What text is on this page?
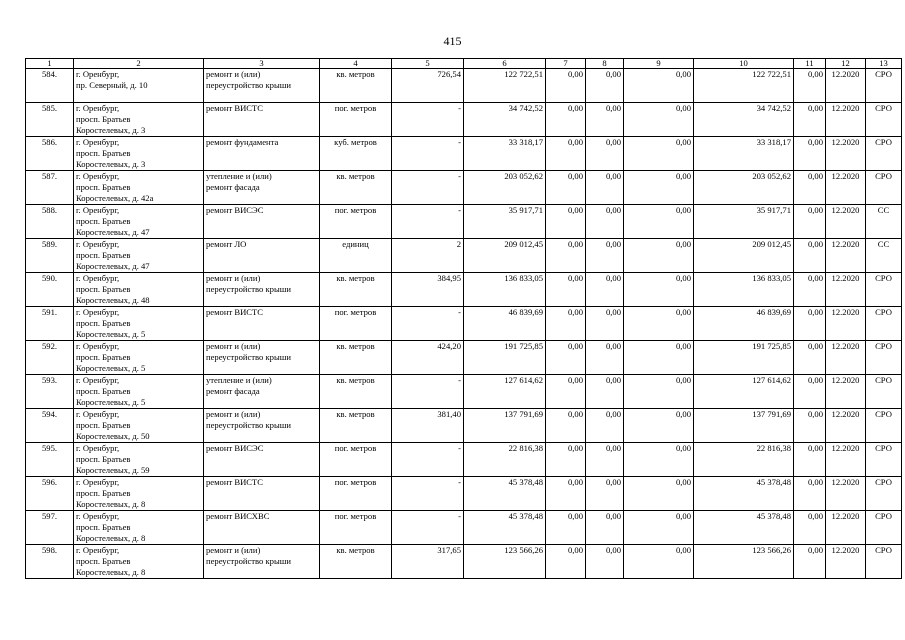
415
1	2	3	4	5	6	7	8	9	10	11	12	13
584.	г. Оренбург,
пр. Северный, д. 10	ремонт и (или)
переустройство крыши	кв. метров	726,54	122 722,51	0,00	0,00	0,00	122 722,51	0,00	12.2020	СРО
585.	г. Оренбург,
просп. Братьев
Коростелевых, д. 3	ремонт ВИСТС	пог. метров	-	34 742,52	0,00	0,00	0,00	34 742,52	0,00	12.2020	СРО
586.	г. Оренбург,
просп. Братьев
Коростелевых, д. 3	ремонт фундамента	куб. метров	-	33 318,17	0,00	0,00	0,00	33 318,17	0,00	12.2020	СРО
587.	г. Оренбург,
просп. Братьев
Коростелевых, д. 42а	утепление и (или)
ремонт фасада	кв. метров	-	203 052,62	0,00	0,00	0,00	203 052,62	0,00	12.2020	СРО
588.	г. Оренбург,
просп. Братьев
Коростелевых, д. 47	ремонт ВИСЭС	пог. метров	-	35 917,71	0,00	0,00	0,00	35 917,71	0,00	12.2020	СС
589.	г. Оренбург,
просп. Братьев
Коростелевых, д. 47	ремонт ЛО	единиц	2	209 012,45	0,00	0,00	0,00	209 012,45	0,00	12.2020	СС
590.	г. Оренбург,
просп. Братьев
Коростелевых, д. 48	ремонт и (или)
переустройство крыши	кв. метров	384,95	136 833,05	0,00	0,00	0,00	136 833,05	0,00	12.2020	СРО
591.	г. Оренбург,
просп. Братьев
Коростелевых, д. 5	ремонт ВИСТС	пог. метров	-	46 839,69	0,00	0,00	0,00	46 839,69	0,00	12.2020	СРО
592.	г. Оренбург,
просп. Братьев
Коростелевых, д. 5	ремонт и (или)
переустройство крыши	кв. метров	424,20	191 725,85	0,00	0,00	0,00	191 725,85	0,00	12.2020	СРО
593.	г. Оренбург,
просп. Братьев
Коростелевых, д. 5	утепление и (или)
ремонт фасада	кв. метров	-	127 614,62	0,00	0,00	0,00	127 614,62	0,00	12.2020	СРО
594.	г. Оренбург,
просп. Братьев
Коростелевых, д. 50	ремонт и (или)
переустройство крыши	кв. метров	381,40	137 791,69	0,00	0,00	0,00	137 791,69	0,00	12.2020	СРО
595.	г. Оренбург,
просп. Братьев
Коростелевых, д. 59	ремонт ВИСЭС	пог. метров	-	22 816,38	0,00	0,00	0,00	22 816,38	0,00	12.2020	СРО
596.	г. Оренбург,
просп. Братьев
Коростелевых, д. 8	ремонт ВИСТС	пог. метров	-	45 378,48	0,00	0,00	0,00	45 378,48	0,00	12.2020	СРО
597.	г. Оренбург,
просп. Братьев
Коростелевых, д. 8	ремонт ВИСХВС	пог. метров	-	45 378,48	0,00	0,00	0,00	45 378,48	0,00	12.2020	СРО
598.	г. Оренбург,
просп. Братьев
Коростелевых, д. 8	ремонт и (или)
переустройство крыши	кв. метров	317,65	123 566,26	0,00	0,00	0,00	123 566,26	0,00	12.2020	СРО
